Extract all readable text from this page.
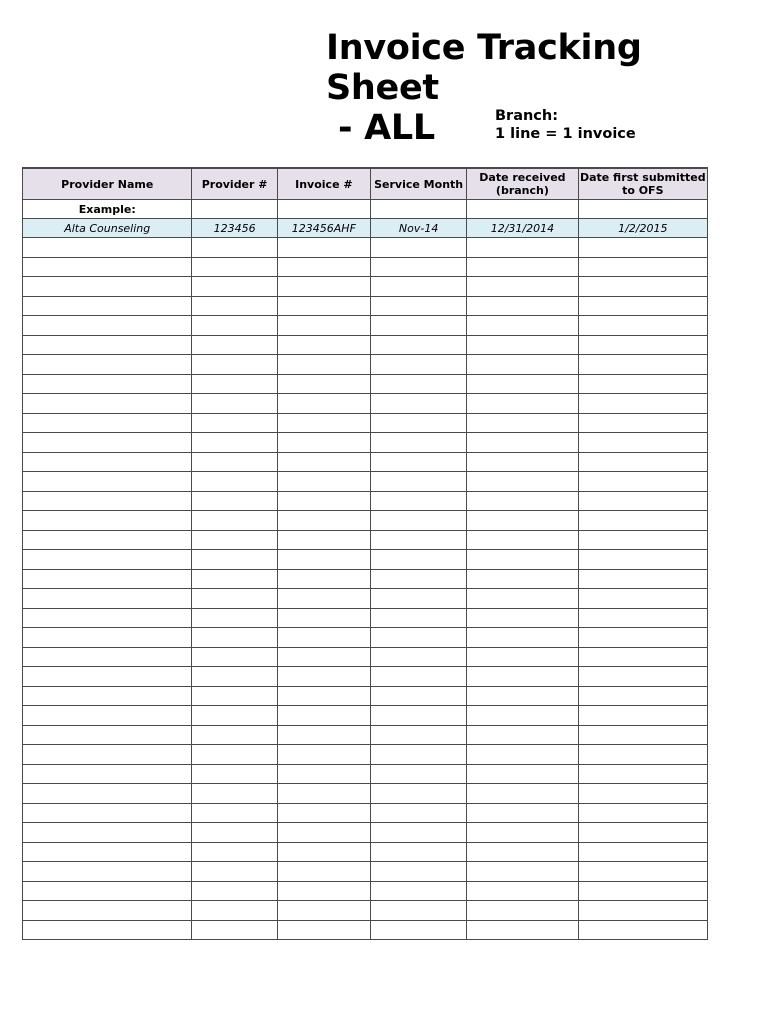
Invoice Tracking Sheet
- ALL	Branch:
1 line = 1 invoice
Provider Name	Provider #	Invoice #	Service Month	Date received (branch)	Date first submitted to OFS
Example:					
Alta Counseling	123456	123456AHF	Nov-14	12/31/2014	1/2/2015
